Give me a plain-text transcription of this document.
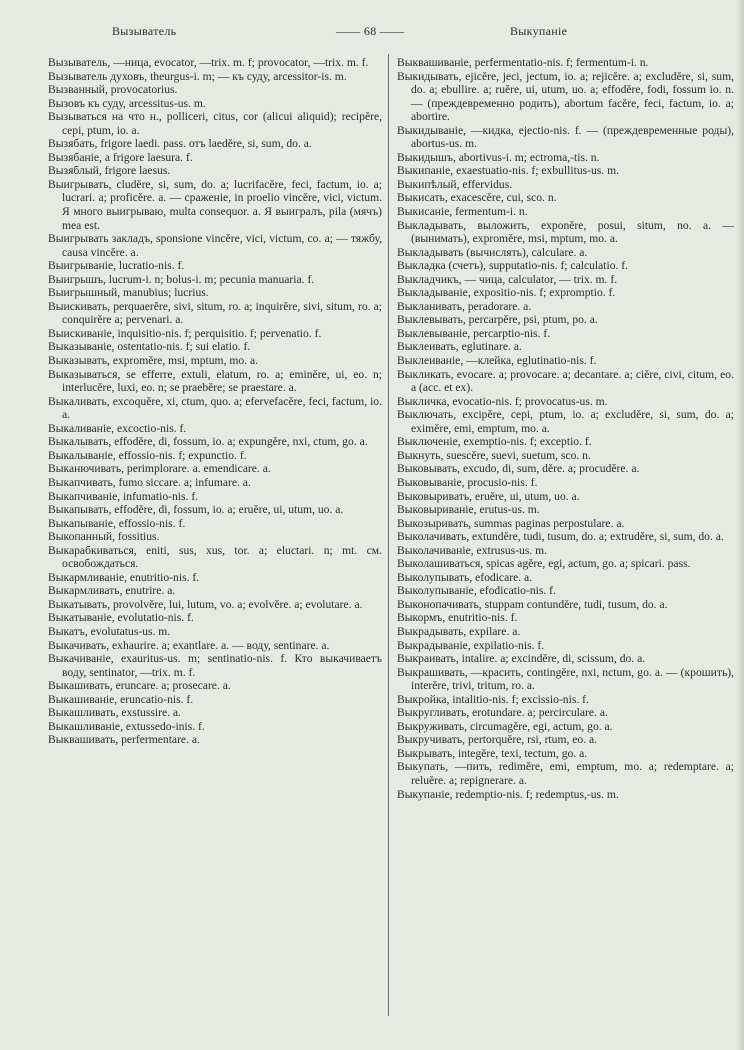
Вызыватель	—— 68 ——	Выкупаніе

Вызыватель, —ница, evocator, —trix. m. f; provocator, —trix. m. f.

Вызыватель духовъ, theurgus-i. m; — къ суду, arcessitor-is. m.

Вызванный, provocatorius.

Вызовъ къ суду, arcessitus-us. m.

Вызываться на что н., polliceri, citus, cor (alicui aliquid); recipĕre, cepi, ptum, io. a.

Вызябать, frigore laedi. pass. отъ laedĕre, si, sum, do. a.

Вызябаніе, a frigore laesura. f.

Вызяблый, frigore laesus.

Выигрывать, cludĕre, si, sum, do. a; lucrifacĕre, feci, factum, io. a; lucrari. a; proficĕre. a. — сраженіе, in proelio vincĕre, vici, victum. Я много выигрываю, multa consequor. a. Я выигралъ, pila (мячъ) mea est.

Выигрывать закладъ, sponsione vincĕre, vici, victum, co. a; — тяжбу, causa vincĕre. a.

Выигрываніе, lucratio-nis. f.

Выигрышъ, lucrum-i. n; bolus-i. m; pecunia manuaria. f.

Выигрышный, manubius; lucrius.

Выискивать, perquaerĕre, sivi, situm, ro. a; inquirĕre, sivi, situm, ro. a; conquirĕre a; pervenari. a.

Выискиваніе, inquisitio-nis. f; perquisitio. f; pervenatio. f.

Выказываніе, ostentatio-nis. f; sui elatio. f.

Выказывать, exprоmĕre, msi, mptum, mo. a.

Выказываться, se efferre, extuli, elatum, ro. a; eminĕre, ui, eo. n; interlucĕre, luxi, eo. n; se praebĕre; se praestare. a.

Выкаливать, excoquĕre, xi, ctum, quo. a; efervefacĕre, feci, factum, io. a.

Выкаливаніе, excoctio-nis. f.

Выкалывать, effodĕre, di, fossum, io. a; expungĕre, nxi, ctum, go. a.

Выкалываніе, effossio-nis. f; expunctio. f.

Выканючивать, perimplorare. a. emendicare. a.

Выкапчивать, fumo siccare. a; infumare. a.

Выкапчиваніе, infumatio-nis. f.

Выкапывать, effodĕre, di, fossum, io. a; eruĕre, ui, utum, uo. a.

Выкапываніе, effossio-nis. f.

Выкопанный, fossitius.

Выкарабкиваться, eniti, sus, xus, tor. a; eluctari. n; mt. см. освобождаться.

Выкармливаніе, enutritio-nis. f.

Выкармливать, enutrire. a.

Выкатывать, provolvĕre, lui, lutum, vo. a; evolvĕre. a; evolutare. a.

Выкатываніе, evolutatio-nis. f.

Выкатъ, evolutatus-us. m.

Выкачивать, exhaurire. a; exantlare. a. — воду, sentinare. a.

Выкачиваніе, exauritus-us. m; sentinatio-nis. f. Кто выкачиваетъ воду, sentinator, —trix. m. f.

Выкашивать, eruncare. a; prosecare. a.

Выкашиваніе, eruncatio-nis. f.

Выкашливать, exstussire. a.

Выкашливаніе, extussedo-inis. f.

Выквашивать, perfermentare. a.

Выквашиваніе, perfermentatio-nis. f; fermentum-i. n.

Выкидывать, ejicĕre, jeci, jectum, io. a; rejicĕre. a; excludĕre, si, sum, do. a; ebullire. a; ruĕre, ui, utum, uo. a; effodĕre, fodi, fossum io. n. — (преждевременно родить), abortum facĕre, feci, factum, io. a; abortire.

Выкидываніе, —кидка, ejectio-nis. f. — (преждевременные роды), abortus-us. m.

Выкидышъ, abortivus-i. m; ectroma,-tis. n.

Выкипаніе, exaestuatio-nis. f; exbullitus-us. m.

Выкипѣлый, effervidus.

Выкисать, exacescĕre, cui, sco. n.

Выкисаніе, fermentum-i. n.

Выкладывать, выложить, exponĕre, posui, situm, no. a. — (вынимать), exprоmĕre, msi, mptum, mo. a.

Выкладывать (вычислять), calculare. a.

Выкладка (счетъ), supputatio-nis. f; calculatio. f.

Выкладчикъ, — чица, calculator, — trix. m. f.

Выкладываніе, expositio-nis. f; expromptio. f.

Выкланивать, peradorare. a.

Выклевывать, percarpĕre, psi, ptum, po. a.

Выклевываніе, percarptio-nis. f.

Выклеивать, eglutinare. a.

Выклеиваніе, —клейка, eglutinatio-nis. f.

Выкликать, evocare. a; provocare. a; decantare. a; ciĕre, civi, citum, eo. a (acc. et ex).

Выкличка, evocatio-nis. f; provocatus-us. m.

Выключать, excipĕre, cepi, ptum, io. a; excludĕre, si, sum, do. a; eximĕre, emi, emptum, mo. a.

Выключеніе, exemptio-nis. f; exceptio. f.

Выкнуть, suescĕre, suevi, suetum, sco. n.

Выковывать, excudo, di, sum, dĕre. a; procudĕre. a.

Выковываніе, procusio-nis. f.

Выковыривать, eruĕre, ui, utum, uo. a.

Выковыриваніе, erutus-us. m.

Выкозыривать, summas paginas perpostulare. a.

Выколачивать, extundĕre, tudi, tusum, do. a; extrudĕre, si, sum, do. a.

Выколачиваніе, extrusus-us. m.

Выколашиваться, spicas agĕre, egi, actum, go. a; spicari. pass.

Выколупывать, efodicare. a.

Выколупываніе, efodicatio-nis. f.

Выконопачивать, stuppam contundĕre, tudi, tusum, do. a.

Выкормъ, enutritio-nis. f.

Выкрадывать, expilare. a.

Выкрадываніе, expilatio-nis. f.

Выкраивать, intalire. a; excindĕre, di, scissum, do. a.

Выкрашивать, —красить, contingĕre, nxi, nctum, go. a. — (крошить), interĕre, trivi, tritum, ro. a.

Выкройка, intalitio-nis. f; excissio-nis. f.

Выкругливать, erotundare. a; percirculare. a.

Выкруживать, circumagĕre, egi, actum, go. a.

Выкручивать, pertorquĕre, rsi, rtum, eo. a.

Выкрывать, integĕre, texi, tectum, go. a.

Выкупать, —пить, redimĕre, emi, emptum, mo. a; redemptare. a; reluĕre. a; repignerare. a.

Выкупаніе, redemptio-nis. f; redemptus,-us. m.
